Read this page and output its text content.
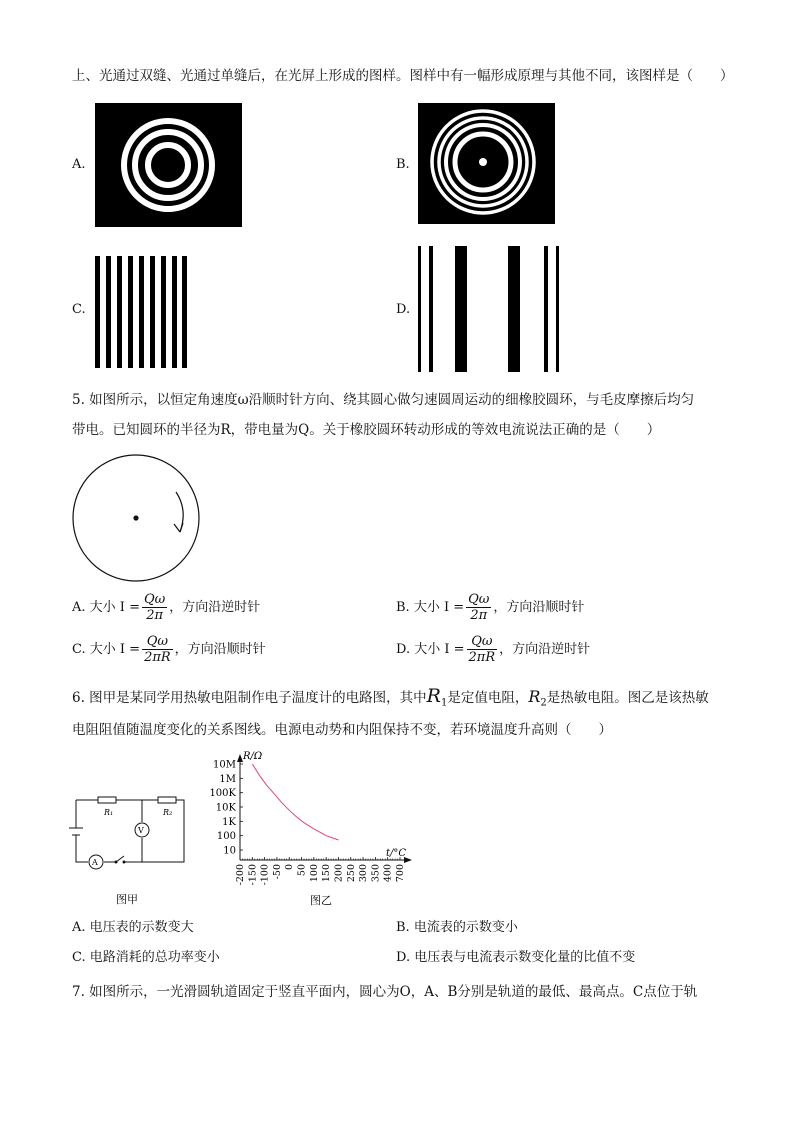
上、光通过双缝、光通过单缝后，在光屏上形成的图样。图样中有一幅形成原理与其他不同，该图样是（　　）
A.	B.
C.	D.
5. 如图所示，以恒定角速度ω沿顺时针方向、绕其圆心做匀速圆周运动的细橡胶圆环，与毛皮摩擦后均匀
带电。已知圆环的半径为R，带电量为Q。关于橡胶圆环转动形成的等效电流说法正确的是（　　）
A. 大小 $I = \frac{Q\omega}{2\pi}$ ，方向沿逆时针	B. 大小 $I = \frac{Q\omega}{2\pi}$ ，方向沿顺时针
C. 大小 $I = \frac{Q\omega}{2\pi R}$ ，方向沿顺时针	D. 大小 $I = \frac{Q\omega}{2\pi R}$ ，方向沿逆时针
6. 图甲是某同学用热敏电阻制作电子温度计的电路图，其中$R_1$是定值电阻，$R_2$是热敏电阻。图乙是该热敏
电阻阻值随温度变化的关系图线。电源电动势和内阻保持不变，若环境温度升高则（　　）
R₁	R₂
V
A
图甲
R/Ω
t/°C
10M
1M
100K
10K
1K
100
10
-200 -150 -100 -50 0 50 100 150 200 250 300 350 400 700
图乙
A. 电压表的示数变大	B. 电流表的示数变小
C. 电路消耗的总功率变小	D. 电压表与电流表示数变化量的比值不变
7. 如图所示，一光滑圆轨道固定于竖直平面内，圆心为O，A、B分别是轨道的最低、最高点。C点位于轨
